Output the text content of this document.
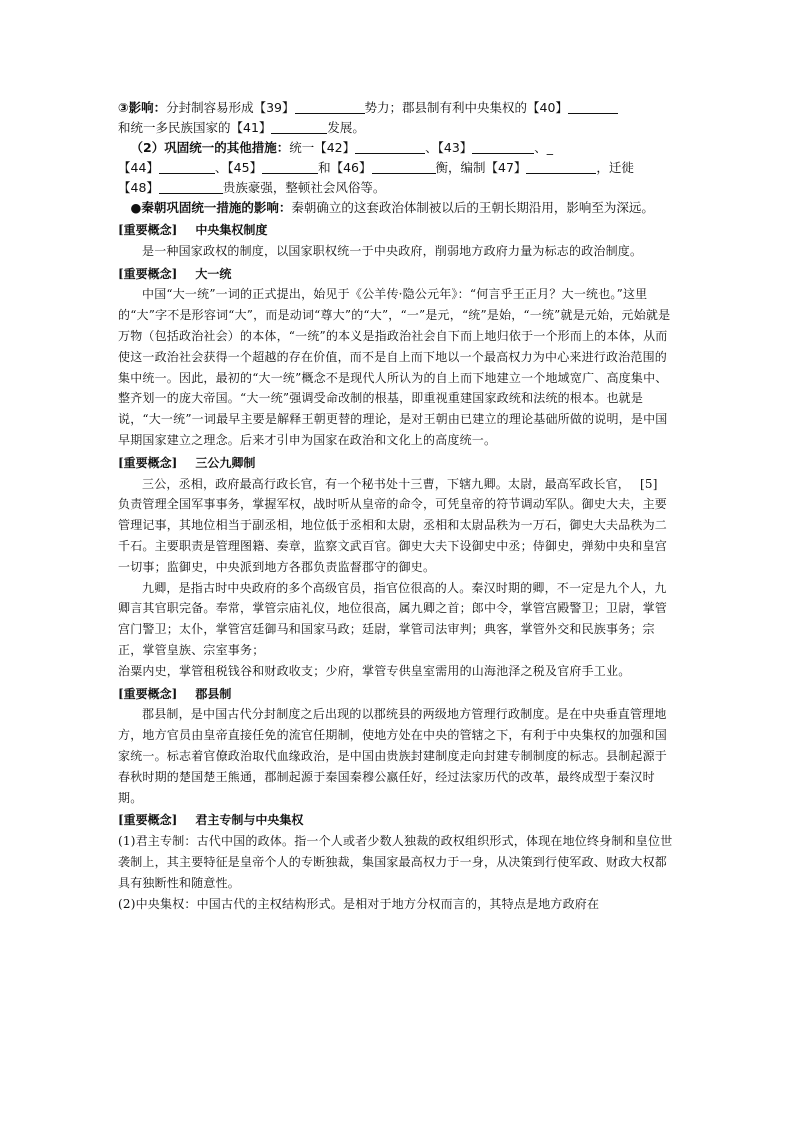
③影响：分封制容易形成【39】	势力；郡县制有利中央集权的【40】

和统一多民族国家的【41】	发展。

（2）巩固统一的其他措施：统一【42】	、【43】	、_

【44】	、【45】	和【46】	衡，编制【47】	，迁徙

【48】	贵族豪强，整顿社会风俗等。

●秦朝巩固统一措施的影响：秦朝确立的这套政治体制被以后的王朝长期沿用，影响至为深远。

[重要概念] 中央集权制度

是一种国家政权的制度，以国家职权统一于中央政府，削弱地方政府力量为标志的政治制度。

[重要概念] 大一统

中国“大一统”一词的正式提出，始见于《公羊传·隐公元年》：“何言乎王正月？大一统也。”这里的“大”字不是形容词“大”，而是动词“尊大”的“大”，“一”是元，“统”是始，“一统”就是元始，元始就是万物（包括政治社会）的本体，“一统”的本义是指政治社会自下而上地归依于一个形而上的本体，从而使这一政治社会获得一个超越的存在价值，而不是自上而下地以一个最高权力为中心来进行政治范围的集中统一。因此，最初的“大一统”概念不是现代人所认为的自上而下地建立一个地域宽广、高度集中、整齐划一的庞大帝国。“大一统”强调受命改制的根基，即重视重建国家政统和法统的根本。也就是说，“大一统”一词最早主要是解释王朝更替的理论，是对王朝由已建立的理论基础所做的说明，是中国早期国家建立之理念。后来才引申为国家在政治和文化上的高度统一。

[重要概念] 三公九卿制

三公，丞相，政府最高行政长官，有一个秘书处十三曹，下辖九卿。太尉，最高军政长官， [5]负责管理全国军事事务，掌握军权，战时听从皇帝的命令，可凭皇帝的符节调动军队。御史大夫，主要管理记事，其地位相当于副丞相，地位低于丞相和太尉，丞相和太尉品秩为一万石，御史大夫品秩为二千石。主要职责是管理图籍、奏章，监察文武百官。御史大夫下设御史中丞；侍御史，弹劾中央和皇宫一切事；监御史，中央派到地方各郡负责监督郡守的御史。

九卿，是指古时中央政府的多个高级官员，指官位很高的人。秦汉时期的卿，不一定是九个人，九卿言其官职完备。奉常，掌管宗庙礼仪，地位很高，属九卿之首；郎中令，掌管宫殿警卫；卫尉，掌管宫门警卫；太仆，掌管宫廷御马和国家马政；廷尉，掌管司法审判；典客，掌管外交和民族事务；宗正，掌管皇族、宗室事务；

治粟内史，掌管租税钱谷和财政收支；少府，掌管专供皇室需用的山海池泽之税及官府手工业。

[重要概念] 郡县制

郡县制，是中国古代分封制度之后出现的以郡统县的两级地方管理行政制度。是在中央垂直管理地方，地方官员由皇帝直接任免的流官任期制，使地方处在中央的管辖之下，有利于中央集权的加强和国家统一。标志着官僚政治取代血缘政治，是中国由贵族封建制度走向封建专制制度的标志。县制起源于春秋时期的楚国楚王熊通，郡制起源于秦国秦穆公嬴任好，经过法家历代的改革，最终成型于秦汉时期。

[重要概念] 君主专制与中央集权

(1)君主专制：古代中国的政体。指一个人或者少数人独裁的政权组织形式，体现在地位终身制和皇位世袭制上，其主要特征是皇帝个人的专断独裁，集国家最高权力于一身，从决策到行使军政、财政大权都具有独断性和随意性。

(2)中央集权：中国古代的主权结构形式。是相对于地方分权而言的，其特点是地方政府在
